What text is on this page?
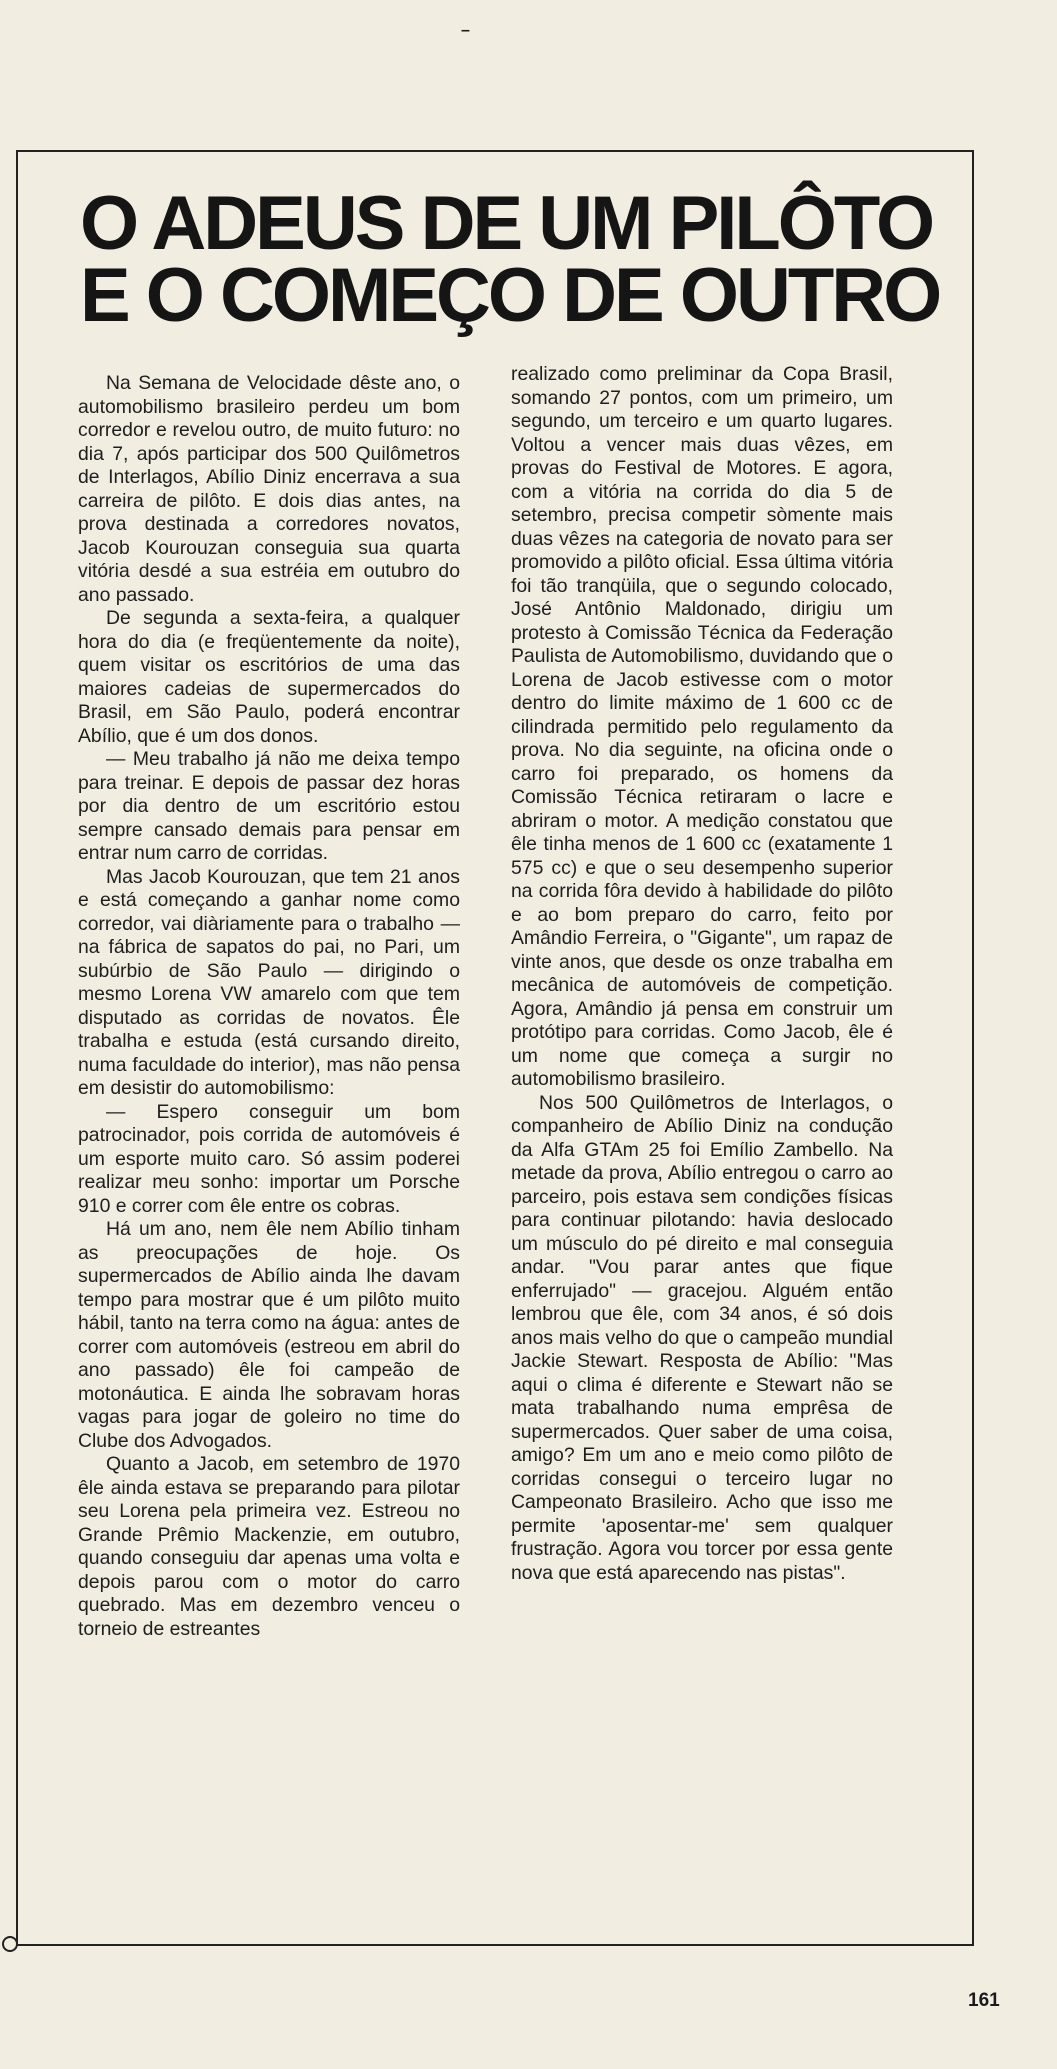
–
O ADEUS DE UM PILÔTO
E O COMEÇO DE OUTRO

Na Semana de Velocidade dêste ano, o automobilismo brasileiro perdeu um bom corredor e revelou outro, de muito futuro: no dia 7, após participar dos 500 Quilômetros de Interlagos, Abílio Diniz encerrava a sua carreira de pilôto. E dois dias antes, na prova destinada a corredores novatos, Jacob Kourouzan conseguia sua quarta vitória desdé a sua estréia em outubro do ano passado.

De segunda a sexta-feira, a qualquer hora do dia (e freqüentemente da noite), quem visitar os escritórios de uma das maiores cadeias de supermercados do Brasil, em São Paulo, poderá encontrar Abílio, que é um dos donos.

— Meu trabalho já não me deixa tempo para treinar. E depois de passar dez horas por dia dentro de um escritório estou sempre cansado demais para pensar em entrar num carro de corridas.

Mas Jacob Kourouzan, que tem 21 anos e está começando a ganhar nome como corredor, vai diàriamente para o trabalho — na fábrica de sapatos do pai, no Pari, um subúrbio de São Paulo — dirigindo o mesmo Lorena VW amarelo com que tem disputado as corridas de novatos. Êle trabalha e estuda (está cursando direito, numa faculdade do interior), mas não pensa em desistir do automobilismo:

— Espero conseguir um bom patrocinador, pois corrida de automóveis é um esporte muito caro. Só assim poderei realizar meu sonho: importar um Porsche 910 e correr com êle entre os cobras.

Há um ano, nem êle nem Abílio tinham as preocupações de hoje. Os supermercados de Abílio ainda lhe davam tempo para mostrar que é um pilôto muito hábil, tanto na terra como na água: antes de correr com automóveis (estreou em abril do ano passado) êle foi campeão de motonáutica. E ainda lhe sobravam horas vagas para jogar de goleiro no time do Clube dos Advogados.

Quanto a Jacob, em setembro de 1970 êle ainda estava se preparando para pilotar seu Lorena pela primeira vez. Estreou no Grande Prêmio Mackenzie, em outubro, quando conseguiu dar apenas uma volta e depois parou com o motor do carro quebrado. Mas em dezembro venceu o torneio de estreantes

realizado como preliminar da Copa Brasil, somando 27 pontos, com um primeiro, um segundo, um terceiro e um quarto lugares. Voltou a vencer mais duas vêzes, em provas do Festival de Motores. E agora, com a vitória na corrida do dia 5 de setembro, precisa competir sòmente mais duas vêzes na categoria de novato para ser promovido a pilôto oficial. Essa última vitória foi tão tranqüila, que o segundo colocado, José Antônio Maldonado, dirigiu um protesto à Comissão Técnica da Federação Paulista de Automobilismo, duvidando que o Lorena de Jacob estivesse com o motor dentro do limite máximo de 1 600 cc de cilindrada permitido pelo regulamento da prova. No dia seguinte, na oficina onde o carro foi preparado, os homens da Comissão Técnica retiraram o lacre e abriram o motor. A medição constatou que êle tinha menos de 1 600 cc (exatamente 1 575 cc) e que o seu desempenho superior na corrida fôra devido à habilidade do pilôto e ao bom preparo do carro, feito por Amândio Ferreira, o "Gigante", um rapaz de vinte anos, que desde os onze trabalha em mecânica de automóveis de competição. Agora, Amândio já pensa em construir um protótipo para corridas. Como Jacob, êle é um nome que começa a surgir no automobilismo brasileiro.

Nos 500 Quilômetros de Interlagos, o companheiro de Abílio Diniz na condução da Alfa GTAm 25 foi Emílio Zambello. Na metade da prova, Abílio entregou o carro ao parceiro, pois estava sem condições físicas para continuar pilotando: havia deslocado um músculo do pé direito e mal conseguia andar. "Vou parar antes que fique enferrujado" — gracejou. Alguém então lembrou que êle, com 34 anos, é só dois anos mais velho do que o campeão mundial Jackie Stewart. Resposta de Abílio: "Mas aqui o clima é diferente e Stewart não se mata trabalhando numa emprêsa de supermercados. Quer saber de uma coisa, amigo? Em um ano e meio como pilôto de corridas consegui o terceiro lugar no Campeonato Brasileiro. Acho que isso me permite 'aposentar-me' sem qualquer frustração. Agora vou torcer por essa gente nova que está aparecendo nas pistas".

161
